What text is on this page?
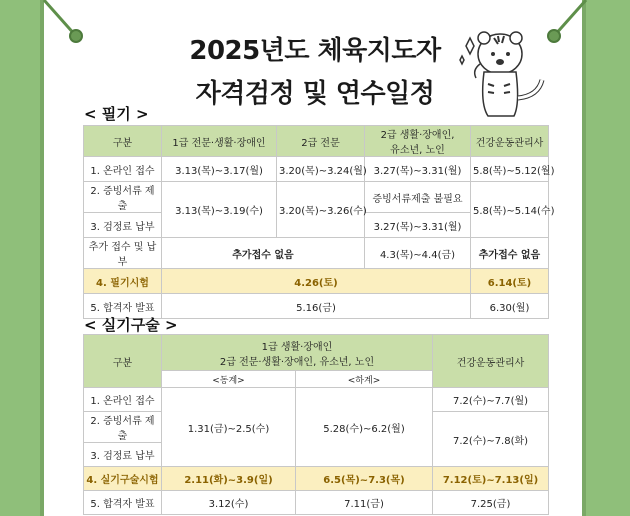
2025년도 체육지도자
자격검정 및 연수일정
< 필기 >
구분	1급 전문·생활·장애인	2급 전문	2급 생활·장애인,
유소년, 노인	건강운동관리사
1. 온라인 접수	3.13(목)~3.17(월)	3.20(목)~3.24(월)	3.27(목)~3.31(월)	5.8(목)~5.12(월)
2. 증빙서류 제출	3.13(목)~3.19(수)	3.20(목)~3.26(수)	증빙서류제출 불필요	5.8(목)~5.14(수)
3. 검정료 납부			3.27(목)~3.31(월)	
추가 접수 및 납부	추가접수 없음		4.3(목)~4.4(금)	추가접수 없음
4. 필기시험	4.26(토)			6.14(토)
5. 합격자 발표	5.16(금)			6.30(월)
< 실기구술 >
구분	1급 생활·장애인
2급 전문·생활·장애인, 유소년, 노인		건강운동관리사
	<동계>	<하계>	
1. 온라인 접수	1.31(금)~2.5(수)	5.28(수)~6.2(월)	7.2(수)~7.7(월)
2. 증빙서류 제출			7.2(수)~7.8(화)
3. 검정료 납부			
4. 실기구술시험	2.11(화)~3.9(일)	6.5(목)~7.3(목)	7.12(토)~7.13(일)
5. 합격자 발표	3.12(수)	7.11(금)	7.25(금)
